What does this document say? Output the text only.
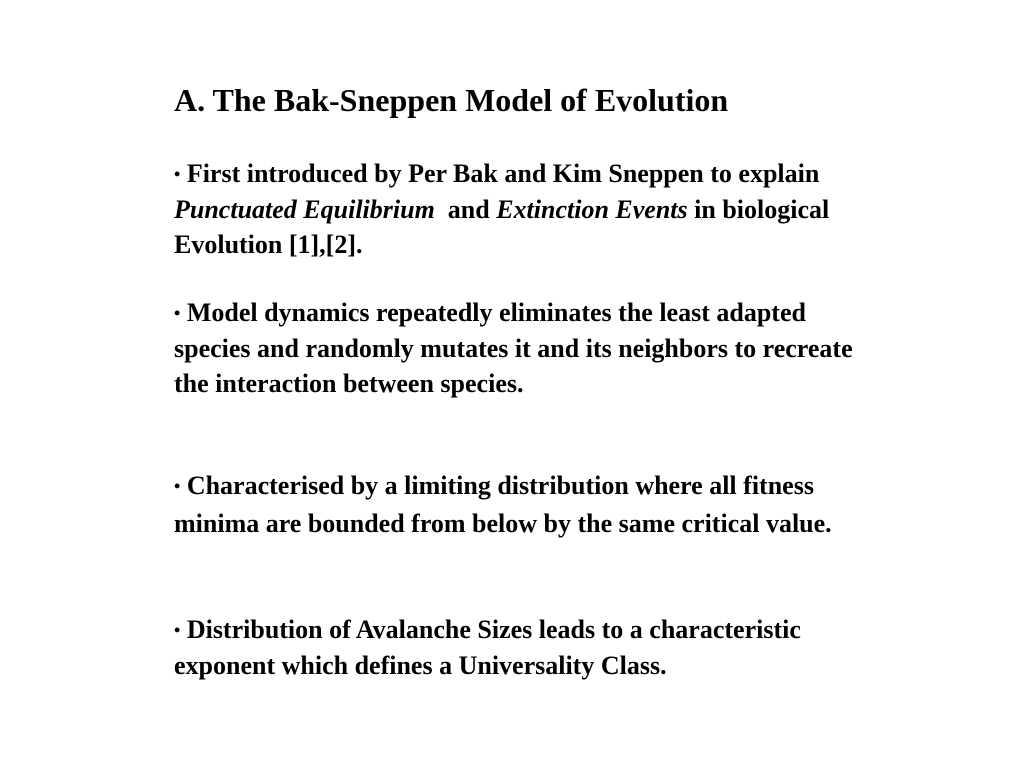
A. The Bak-Sneppen Model of Evolution

• First introduced by Per Bak and Kim Sneppen to explain Punctuated Equilibrium  and Extinction Events in biological Evolution [1],[2].

• Model dynamics repeatedly eliminates the least adapted species and randomly mutates it and its neighbors to recreate the interaction between species.

• Characterised by a limiting distribution where all fitness minima are bounded from below by the same critical value.

• Distribution of Avalanche Sizes leads to a characteristic exponent which defines a Universality Class.
